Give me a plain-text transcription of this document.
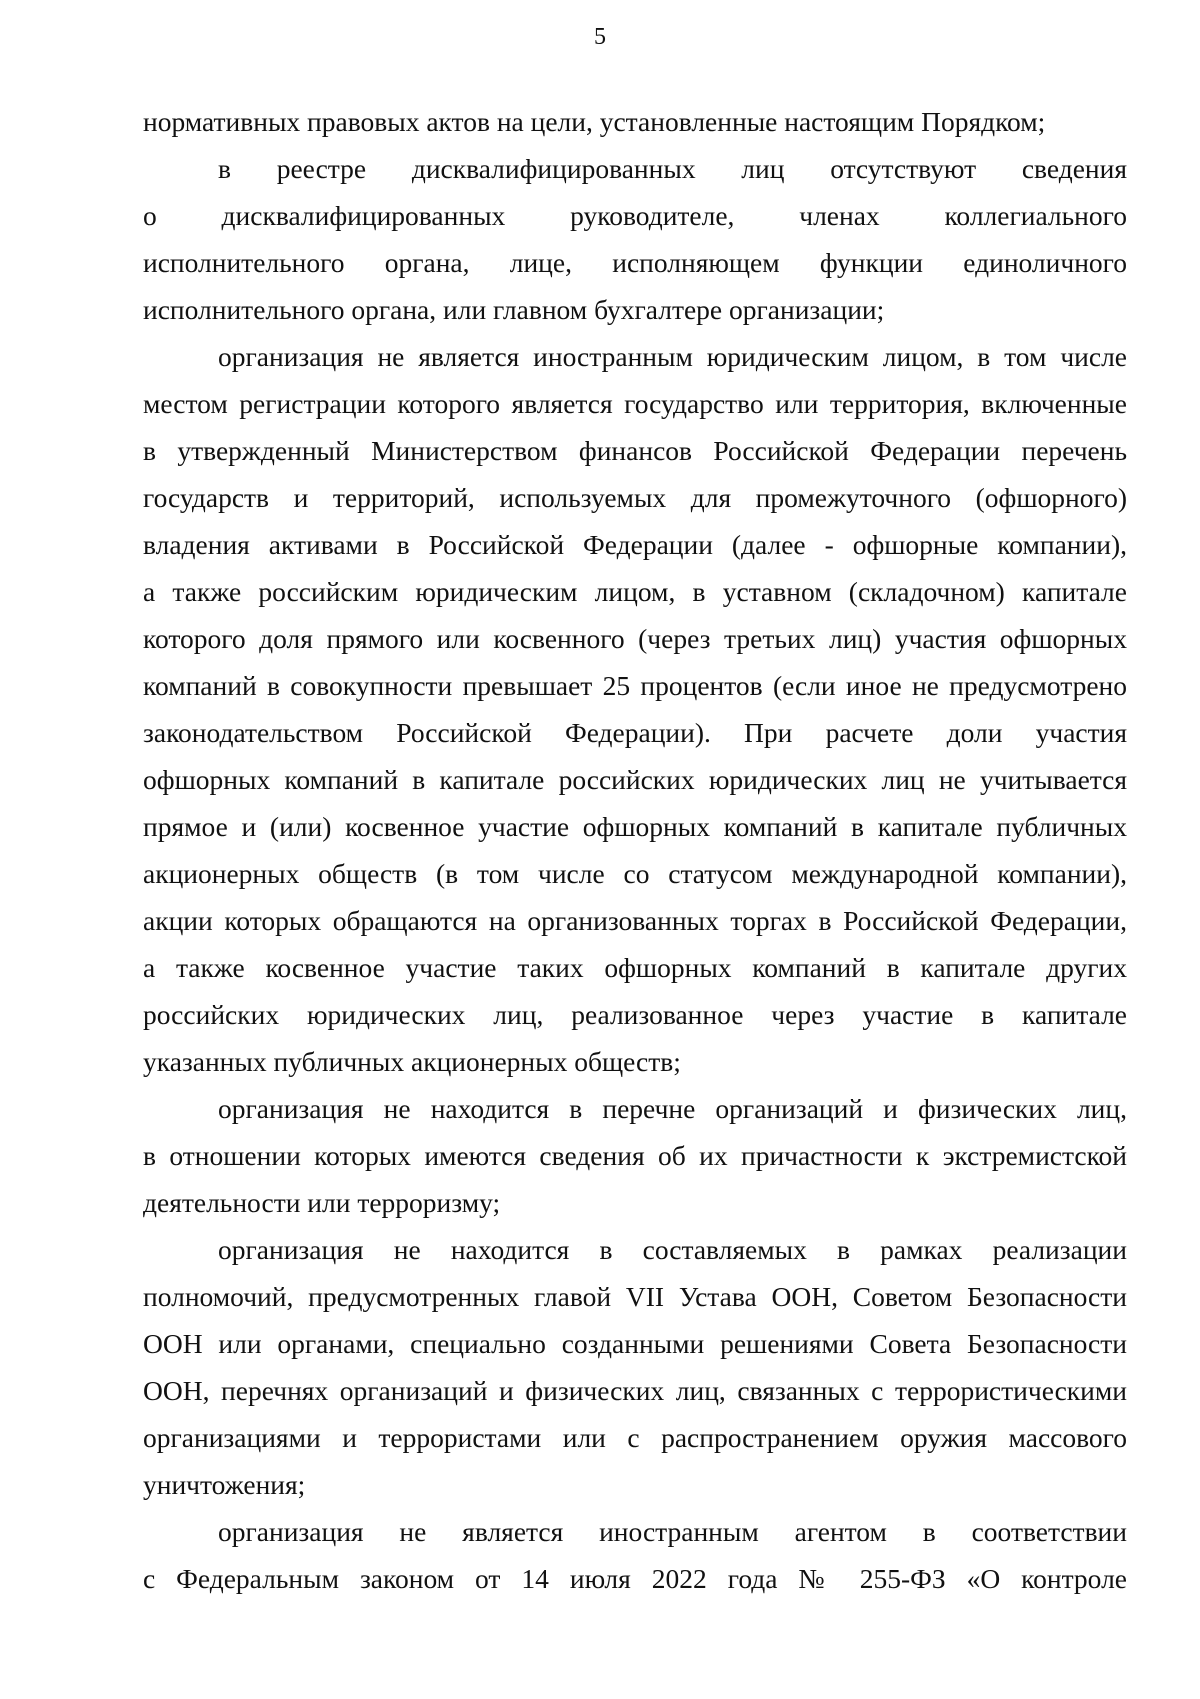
5
нормативных правовых актов на цели, установленные настоящим Порядком;
в реестре дисквалифицированных лиц отсутствуют сведения
о дисквалифицированных руководителе, членах коллегиального
исполнительного органа, лице, исполняющем функции единоличного
исполнительного органа, или главном бухгалтере организации;
организация не является иностранным юридическим лицом, в том числе
местом регистрации которого является государство или территория, включенные
в утвержденный Министерством финансов Российской Федерации перечень
государств и территорий, используемых для промежуточного (офшорного)
владения активами в Российской Федерации (далее - офшорные компании),
а также российским юридическим лицом, в уставном (складочном) капитале
которого доля прямого или косвенного (через третьих лиц) участия офшорных
компаний в совокупности превышает 25 процентов (если иное не предусмотрено
законодательством Российской Федерации). При расчете доли участия
офшорных компаний в капитале российских юридических лиц не учитывается
прямое и (или) косвенное участие офшорных компаний в капитале публичных
акционерных обществ (в том числе со статусом международной компании),
акции которых обращаются на организованных торгах в Российской Федерации,
а также косвенное участие таких офшорных компаний в капитале других
российских юридических лиц, реализованное через участие в капитале
указанных публичных акционерных обществ;
организация не находится в перечне организаций и физических лиц,
в отношении которых имеются сведения об их причастности к экстремистской
деятельности или терроризму;
организация не находится в составляемых в рамках реализации
полномочий, предусмотренных главой VII Устава ООН, Советом Безопасности
ООН или органами, специально созданными решениями Совета Безопасности
ООН, перечнях организаций и физических лиц, связанных с террористическими
организациями и террористами или с распространением оружия массового
уничтожения;
организация не является иностранным агентом в соответствии
с Федеральным законом от 14 июля 2022 года № 255-ФЗ «О контроле
